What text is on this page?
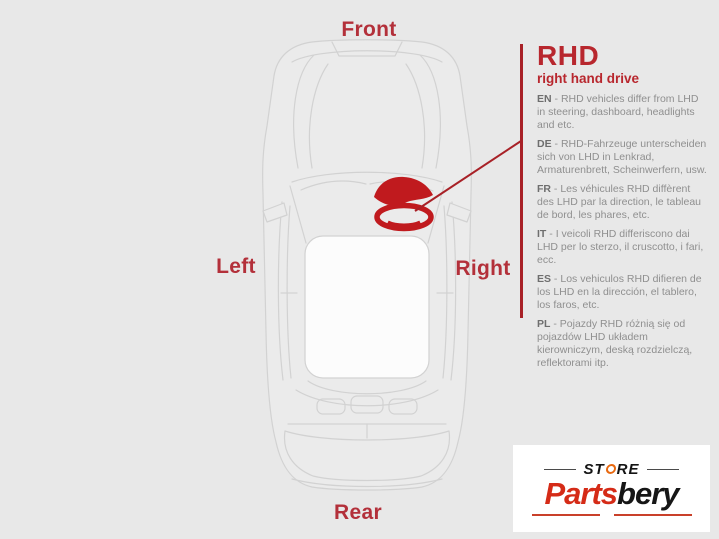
Front
Left	Right
Rear
RHD
right hand drive

EN - RHD vehicles differ from LHD in steering, dashboard, headlights and etc.

DE - RHD-Fahrzeuge unterscheiden sich von LHD in Lenkrad, Armaturenbrett, Scheinwerfern, usw.

FR - Les véhicules RHD diffèrent des LHD par la direction, le tableau de bord, les phares, etc.

IT - I veicoli RHD differiscono dai LHD per lo sterzo, il cruscotto, i fari, ecc.

ES - Los vehiculos RHD difieren de los LHD en la dirección, el tablero, los faros, etc.

PL - Pojazdy RHD różnią się od pojazdów LHD układem kierowniczym, deską rozdzielczą, reflektorami itp.

ST RE
Partsbery
